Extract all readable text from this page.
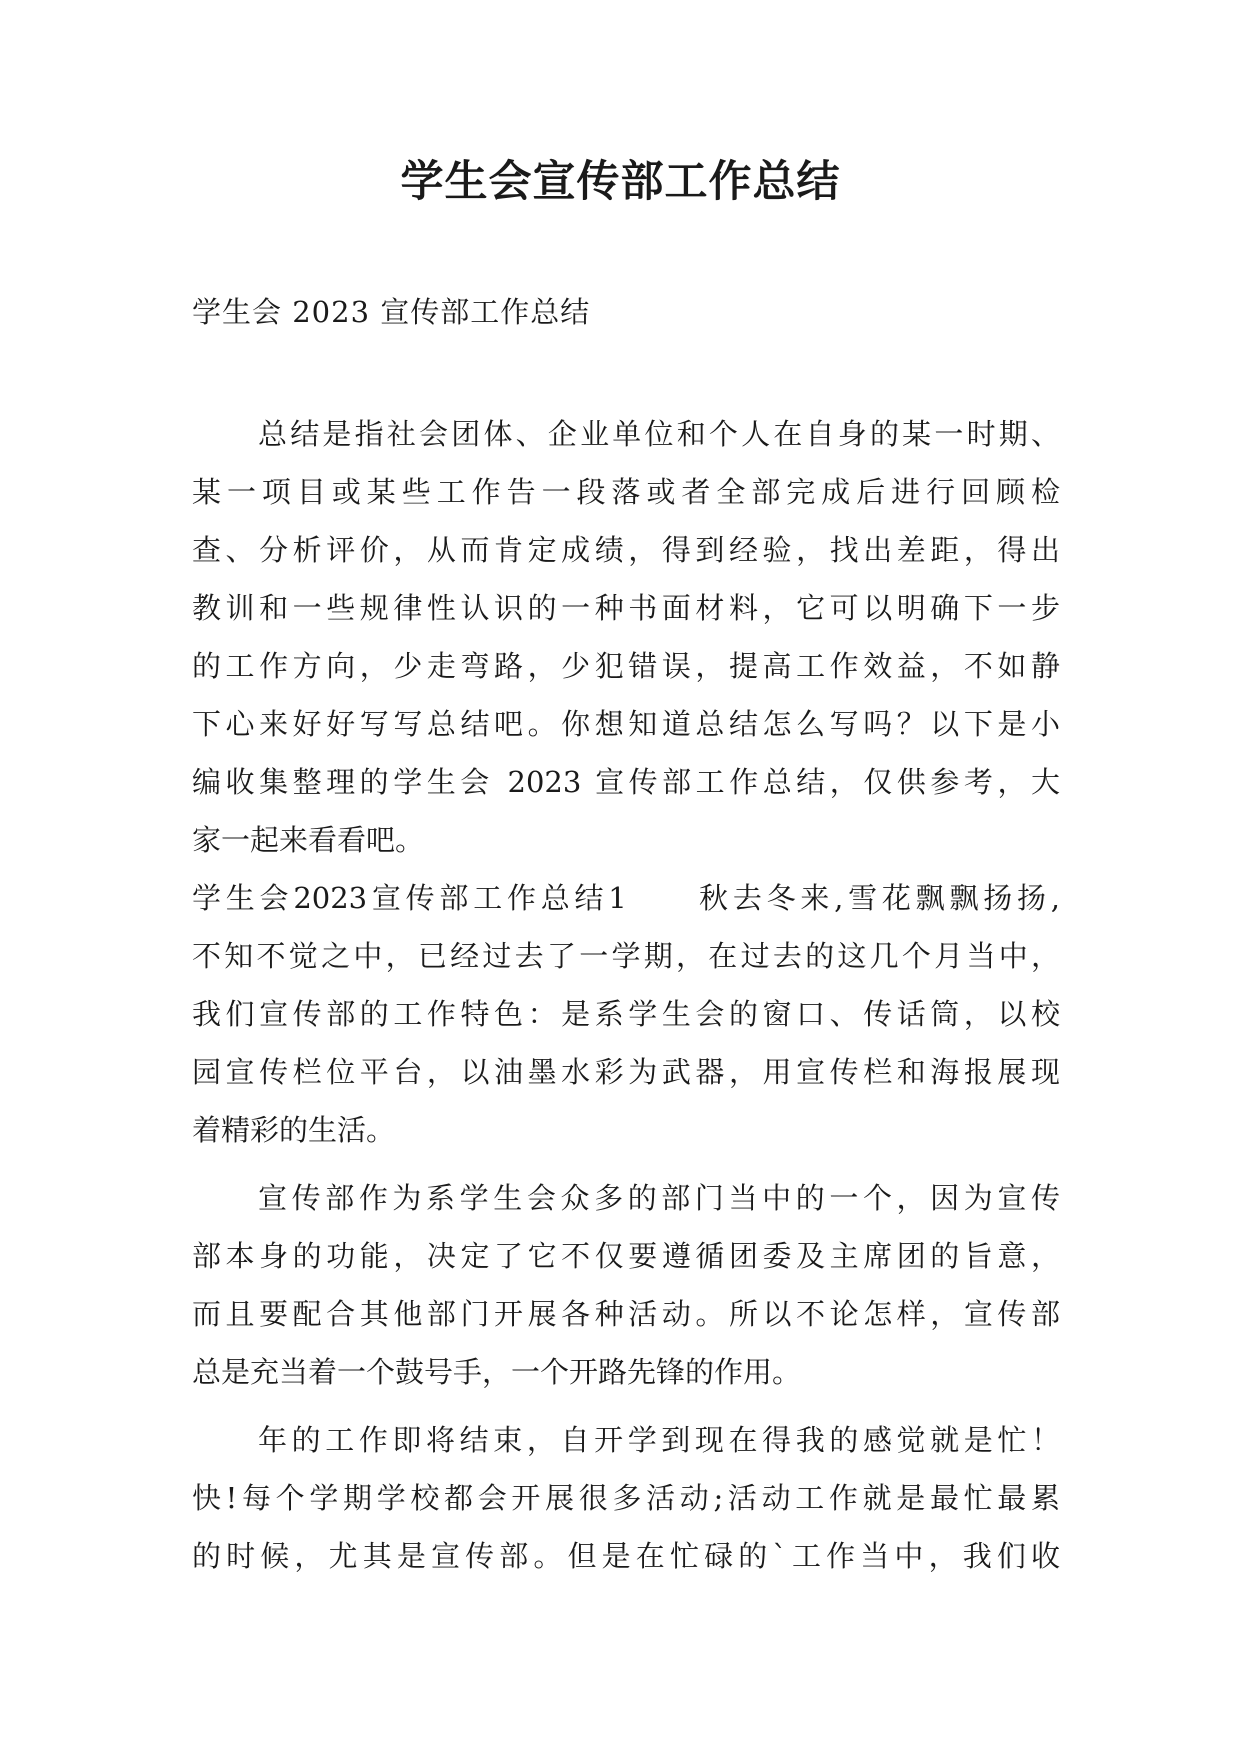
学生会宣传部工作总结
学生会 2023 宣传部工作总结
总结是指社会团体、企业单位和个人在自身的某一时期、
某一项目或某些工作告一段落或者全部完成后进行回顾检
查、分析评价，从而肯定成绩，得到经验，找出差距，得出
教训和一些规律性认识的一种书面材料，它可以明确下一步
的工作方向，少走弯路，少犯错误，提高工作效益，不如静
下心来好好写写总结吧。你想知道总结怎么写吗？以下是小
编收集整理的学生会 2023 宣传部工作总结，仅供参考，大
家一起来看看吧。
学生会2023宣传部工作总结1　　秋去冬来,雪花飘飘扬扬,
不知不觉之中，已经过去了一学期，在过去的这几个月当中，
我们宣传部的工作特色：是系学生会的窗口、传话筒，以校
园宣传栏位平台，以油墨水彩为武器，用宣传栏和海报展现
着精彩的生活。
宣传部作为系学生会众多的部门当中的一个，因为宣传
部本身的功能，决定了它不仅要遵循团委及主席团的旨意，
而且要配合其他部门开展各种活动。所以不论怎样，宣传部
总是充当着一个鼓号手，一个开路先锋的作用。
年的工作即将结束，自开学到现在得我的感觉就是忙！
快!每个学期学校都会开展很多活动;活动工作就是最忙最累
的时候，尤其是宣传部。但是在忙碌的`工作当中，我们收
